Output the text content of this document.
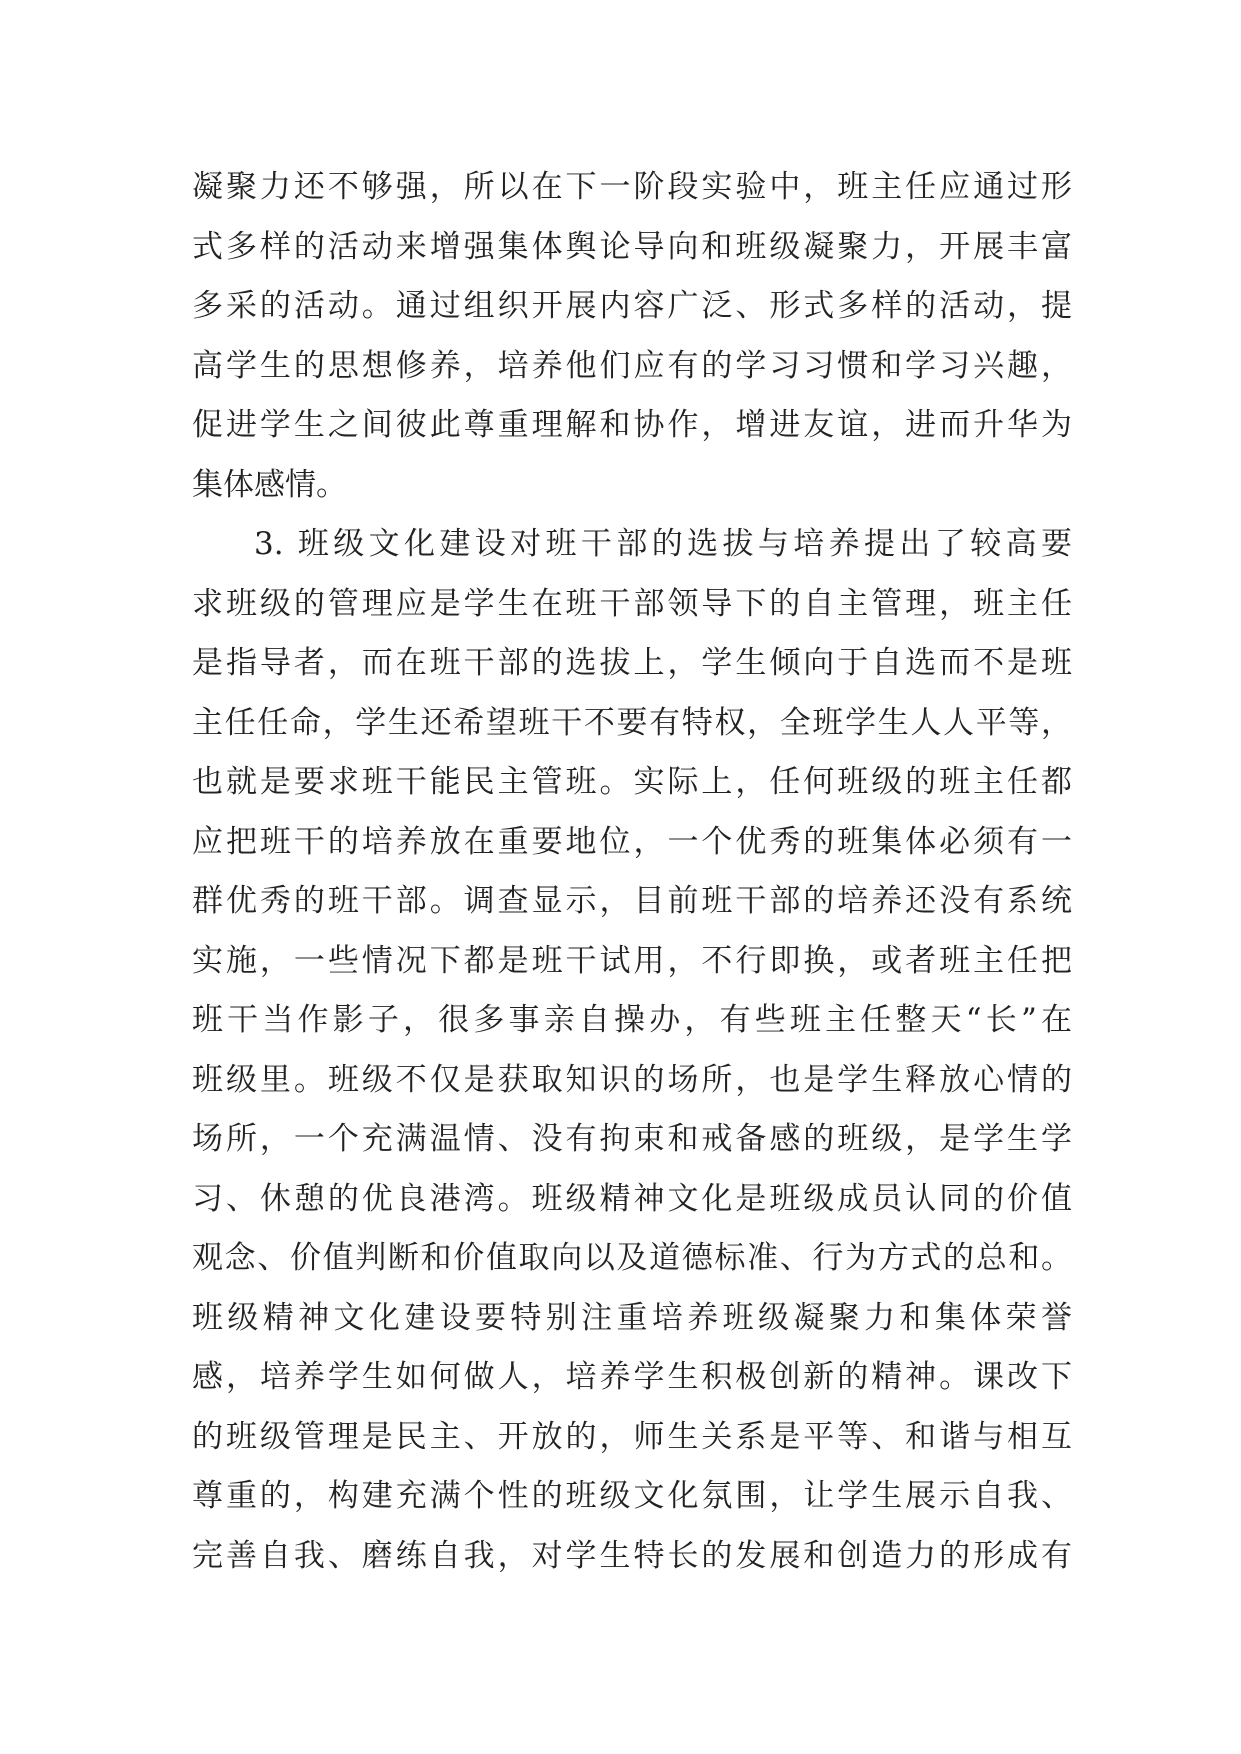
凝聚力还不够强，所以在下一阶段实验中，班主任应通过形
式多样的活动来增强集体舆论导向和班级凝聚力，开展丰富
多采的活动。通过组织开展内容广泛、形式多样的活动，提
高学生的思想修养，培养他们应有的学习习惯和学习兴趣，
促进学生之间彼此尊重理解和协作，增进友谊，进而升华为
集体感情。
3. 班级文化建设对班干部的选拔与培养提出了较高要
求班级的管理应是学生在班干部领导下的自主管理，班主任
是指导者，而在班干部的选拔上，学生倾向于自选而不是班
主任任命，学生还希望班干不要有特权，全班学生人人平等，
也就是要求班干能民主管班。实际上，任何班级的班主任都
应把班干的培养放在重要地位，一个优秀的班集体必须有一
群优秀的班干部。调查显示，目前班干部的培养还没有系统
实施，一些情况下都是班干试用，不行即换，或者班主任把
班干当作影子，很多事亲自操办，有些班主任整天“长”在
班级里。班级不仅是获取知识的场所，也是学生释放心情的
场所，一个充满温情、没有拘束和戒备感的班级，是学生学
习、休憩的优良港湾。班级精神文化是班级成员认同的价值
观念、价值判断和价值取向以及道德标准、行为方式的总和。
班级精神文化建设要特别注重培养班级凝聚力和集体荣誉
感，培养学生如何做人，培养学生积极创新的精神。课改下
的班级管理是民主、开放的，师生关系是平等、和谐与相互
尊重的，构建充满个性的班级文化氛围，让学生展示自我、
完善自我、磨练自我，对学生特长的发展和创造力的形成有
